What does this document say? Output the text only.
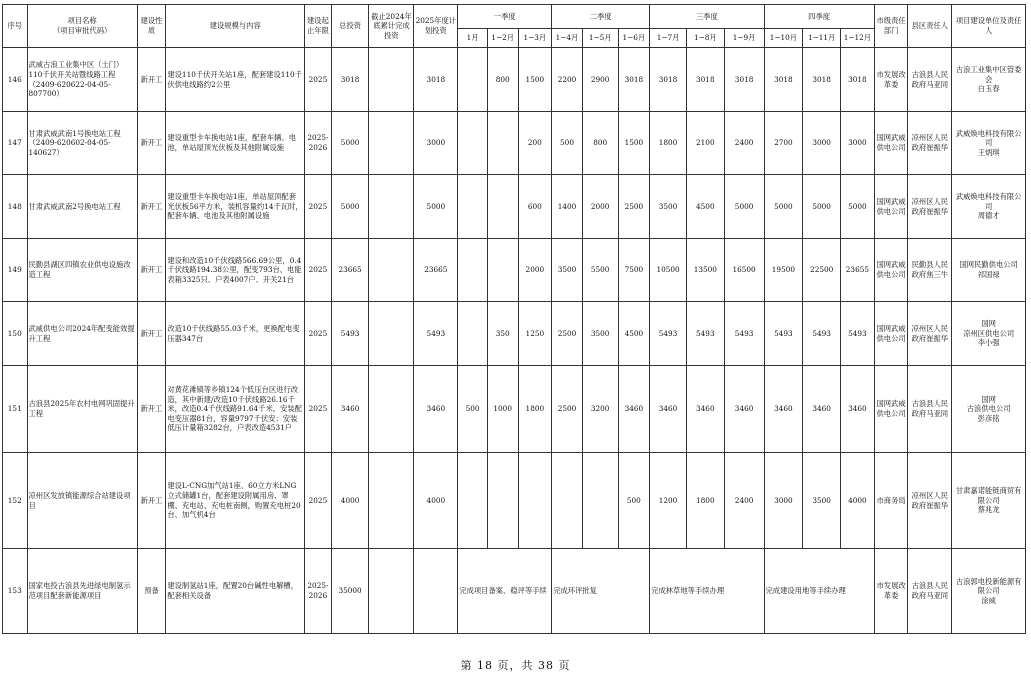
序号	项目名称
（项目审批代码）	建设性质	建设规模与内容	建设起止年限	总投资	截止2024年底累计完成投资	2025年度计划投资	一季度			二季度			三季度			四季度			市级责任部门	县区责任人	项目建设单位及责任人
								1月	1−2月	1−3月	1−4月	1−5月	1−6月	1−7月	1−8月	1−9月	1−10月	1−11月	1−12月			
146	武威古浪工业集中区（土门）110千伏开关站暨线路工程（2409-620622-04-05-807700）	新开工	建设110千伏开关站1座，配套建设110千伏供电线路约2公里	2025	3018		3018		800	1500	2200	2900	3018	3018	3018	3018	3018	3018	3018	市发展改革委	古浪县人民政府马亚同	古浪工业集中区管委会
白玉春
147	甘肃武威武南1号换电站工程（2409-620602-04-05-140627）	新开工	建设重型卡车换电站1座，配套车辆、电池，单站屋顶光伏板及其他附属设施	2025-2026	5000		3000			200	500	800	1500	1800	2100	2400	2700	3000	3000	国网武威供电公司	凉州区人民政府崔振华	武威焕电科技有限公司
王炳琪
148	甘肃武威武南2号换电站工程	新开工	建设重型卡车换电站1座，单站屋顶配套光伏板56平方米，装机容量约14千瓦时，配套车辆、电池及其他附属设施	2025	5000		5000			600	1400	2000	2500	3500	4500	5000	5000	5000	5000	国网武威供电公司	凉州区人民政府崔振华	武威焕电科技有限公司
周德才
149	民勤县湖区四镇农业供电设施改造工程	新开工	建设和改造10千伏线路566.69公里，0.4千伏线路194.38公里，配变793台、电能表箱3325只、户表4007户、开关21台	2025	23665		23665			2000	3500	5500	7500	10500	13500	16500	19500	22500	23655	国网武威供电公司	民勤县人民政府焦三牛	国网民勤供电公司
祁国禄
150	武威供电公司2024年配变能效提升工程	新开工	改造10千伏线路55.03千米，更换配电变压器347台	2025	5493		5493		350	1250	2500	3500	4500	5493	5493	5493	5493	5493	5493	国网武威供电公司	凉州区人民政府崔振华	国网
凉州区供电公司
李小强
151	古浪县2025年农村电网巩固提升工程	新开工	对黄花滩镇等乡镇124个低压台区进行改造，其中新建/改造10千伏线路26.16千米，改造0.4千伏线路91.64千米，安装配电变压器81台，容量9797千伏安；安装低压计量箱3282台，户表改造4531户	2025	3460		3460	500	1000	1800	2500	3200	3460	3460	3460	3460	3460	3460	3460	国网武威供电公司	古浪县人民政府马亚同	国网
古浪供电公司
彭彦铭
152	凉州区发放镇能源综合站建设项目	新开工	建设L-CNG加气站1座、60立方米LNG立式储罐1台，配套建设附属用房、罩棚、充电站、充电桩南侧，购置充电桩20台、加气机4台	2025	4000		4000						500	1200	1800	2400	3000	3500	4000	市商务局	凉州区人民政府崔振华	甘肃嘉诺能链商贸有限公司
蔡兆龙
153	国家电投古浪县先进绿电制氢示范项目配套新能源项目	预备	建设制氢站1座，配置20台碱性电解槽，配套相关设备	2025-2026	35000			完成项目备案、稳评等手续			完成环评批复			完成林草地等手续办理			完成建设用地等手续办理			市发展改革委	古浪县人民政府马亚同	古浪郭电投新能源有限公司
涂威
第 18 页，共 38 页
